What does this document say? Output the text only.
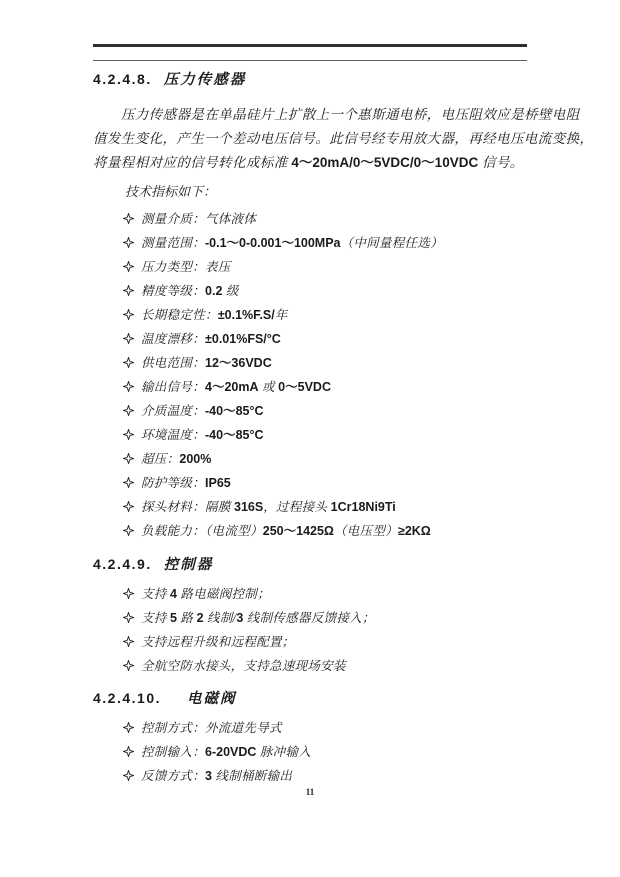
4.2.4.8. 压力传感器
压力传感器是在单晶硅片上扩散上一个惠斯通电桥，电压阻效应是桥壁电阻
值发生变化，产生一个差动电压信号。此信号经专用放大器，再经电压电流变换，
将量程相对应的信号转化成标准 4～20mA/0～5VDC/0～10VDC 信号。
技术指标如下：
测量介质：气体液体
测量范围：-0.1～0-0.001～100MPa（中间量程任选）
压力类型：表压
精度等级：0.2 级
长期稳定性：±0.1%F.S/年
温度漂移：±0.01%FS/°C
供电范围：12～36VDC
输出信号：4～20mA 或 0～5VDC
介质温度：-40～85°C
环境温度：-40～85°C
超压：200%
防护等级：IP65
探头材料：隔膜 316S，过程接头 1Cr18Ni9Ti
负载能力：（电流型）250～1425Ω（电压型）≥2KΩ
4.2.4.9. 控制器
支持 4 路电磁阀控制；
支持 5 路 2 线制/3 线制传感器反馈接入；
支持远程升级和远程配置；
全航空防水接头，支持急速现场安装
4.2.4.10. 电磁阀
控制方式：外流道先导式
控制输入：6-20VDC 脉冲输入
反馈方式：3 线制桶断输出
11
